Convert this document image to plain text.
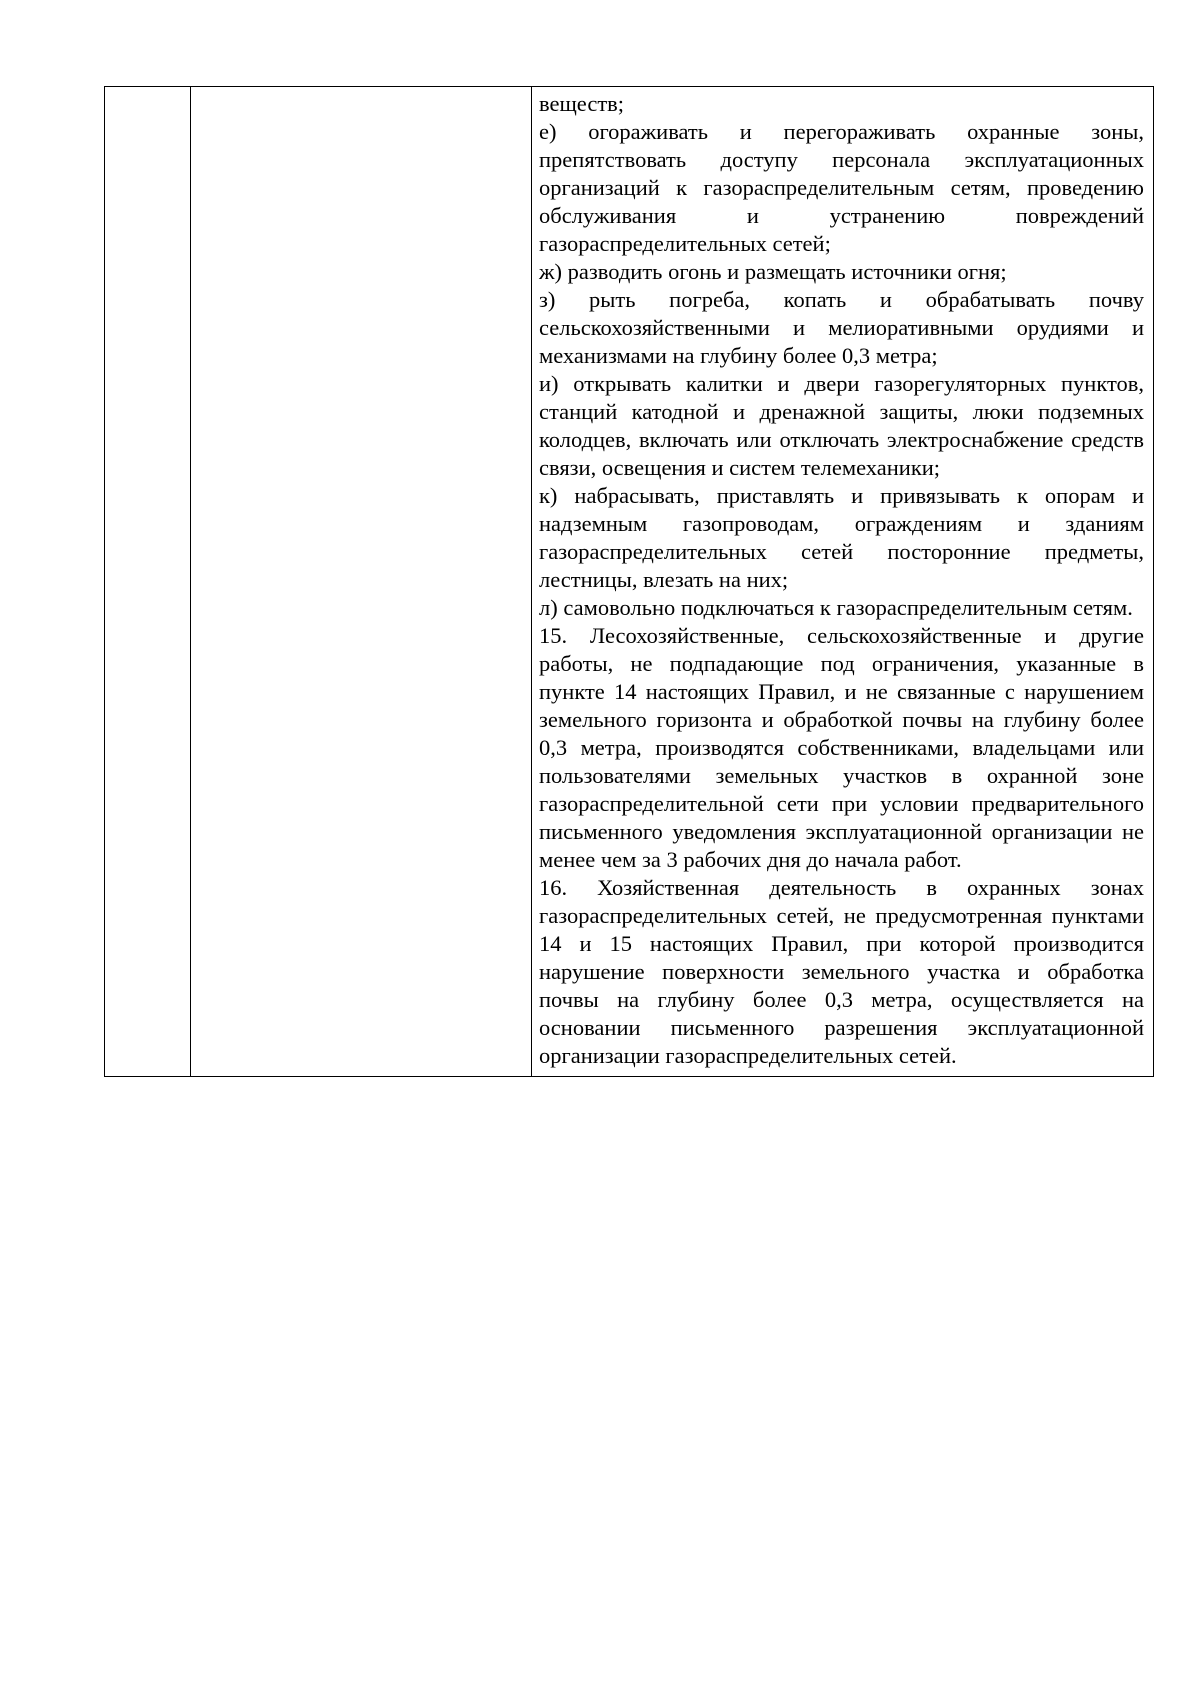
веществ;

е) огораживать и перегораживать охранные зоны, препятствовать доступу персонала эксплуатационных организаций к газораспределительным сетям, проведению обслуживания и устранению повреждений газораспределительных сетей;

ж) разводить огонь и размещать источники огня;

з) рыть погреба, копать и обрабатывать почву сельскохозяйственными и мелиоративными орудиями и механизмами на глубину более 0,3 метра;

и) открывать калитки и двери газорегуляторных пунктов, станций катодной и дренажной защиты, люки подземных колодцев, включать или отключать электроснабжение средств связи, освещения и систем телемеханики;

к) набрасывать, приставлять и привязывать к опорам и надземным газопроводам, ограждениям и зданиям газораспределительных сетей посторонние предметы, лестницы, влезать на них;

л) самовольно подключаться к газораспределительным сетям.

15. Лесохозяйственные, сельскохозяйственные и другие работы, не подпадающие под ограничения, указанные в пункте 14 настоящих Правил, и не связанные с нарушением земельного горизонта и обработкой почвы на глубину более 0,3 метра, производятся собственниками, владельцами или пользователями земельных участков в охранной зоне газораспределительной сети при условии предварительного письменного уведомления эксплуатационной организации не менее чем за 3 рабочих дня до начала работ.

16. Хозяйственная деятельность в охранных зонах газораспределительных сетей, не предусмотренная пунктами 14 и 15 настоящих Правил, при которой производится нарушение поверхности земельного участка и обработка почвы на глубину более 0,3 метра, осуществляется на основании письменного разрешения эксплуатационной организации газораспределительных сетей.
